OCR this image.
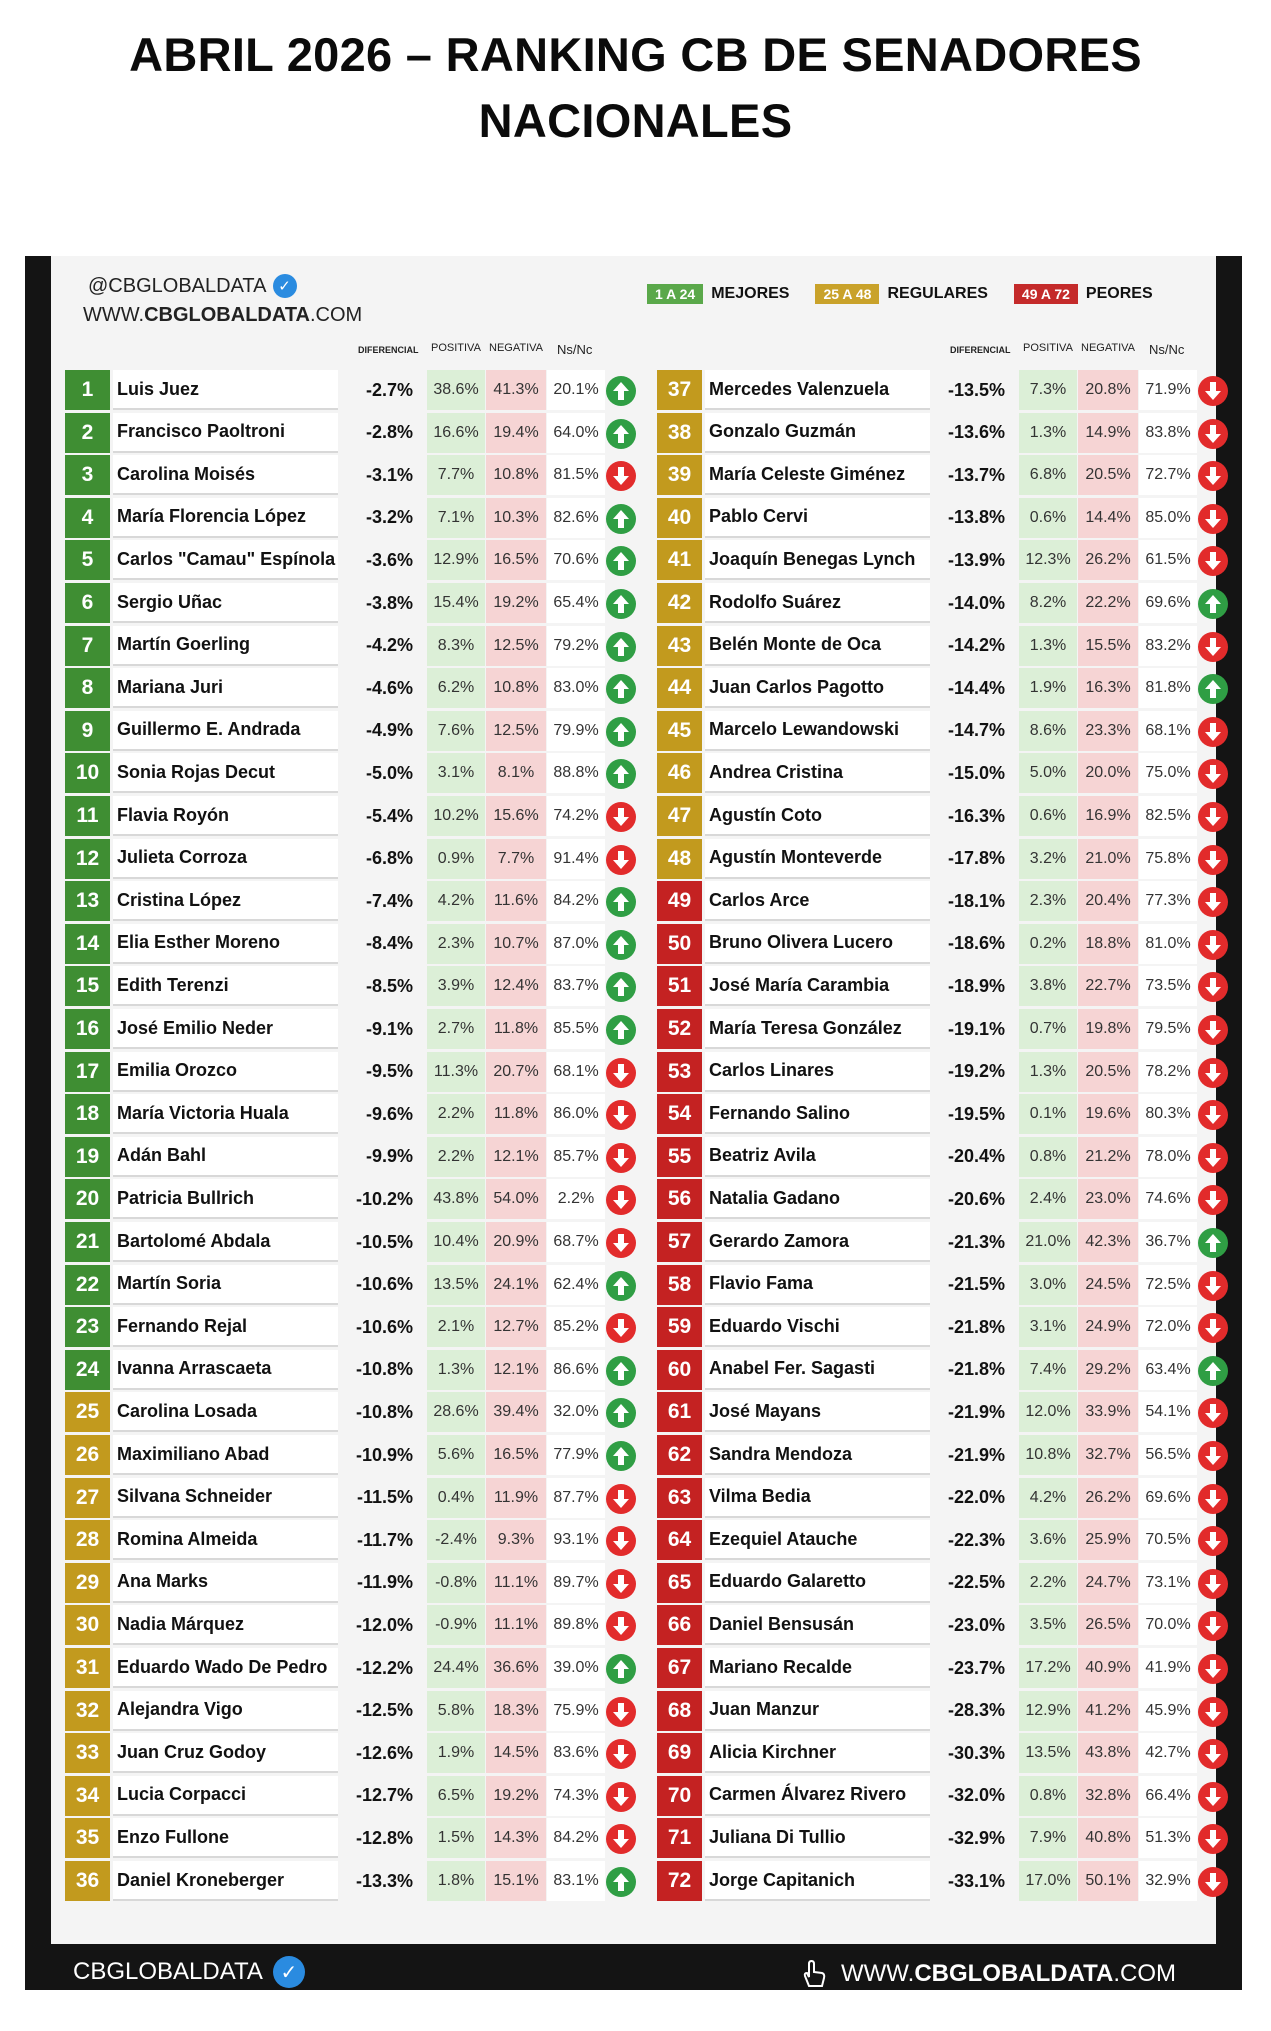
ABRIL 2026 – RANKING CB DE SENADORES
NACIONALES
@CBGLOBALDATA ✓
WWW.CBGLOBALDATA.COM
1 A 24	MEJORES	25 A 48	REGULARES	49 A 72	PEORES
DIFERENCIAL POSITIVA NEGATIVA Ns/Nc	DIFERENCIAL POSITIVA NEGATIVA Ns/Nc
1	Luis Juez	-2.7%	38.6% 41.3% 20.1%
2	Francisco Paoltroni	-2.8%	16.6% 19.4% 64.0%
3	Carolina Moisés	-3.1%	7.7%	10.8% 81.5%
4	María Florencia López	-3.2%	7.1%	10.3% 82.6%
5	Carlos "Camau" Espínola	-3.6%	12.9% 16.5% 70.6%
6	Sergio Uñac	-3.8%	15.4% 19.2% 65.4%
7	Martín Goerling	-4.2%	8.3%	12.5% 79.2%
8	Mariana Juri	-4.6%	6.2%	10.8% 83.0%
9	Guillermo E. Andrada	-4.9%	7.6%	12.5% 79.9%
10 Sonia Rojas Decut	-5.0%	3.1%	8.1%	88.8%
11	Flavia Royón	-5.4%	10.2% 15.6% 74.2%
12 Julieta Corroza	-6.8%	0.9%	7.7%	91.4%
13 Cristina López	-7.4%	4.2%	11.6% 84.2%
14 Elia Esther Moreno	-8.4%	2.3%	10.7% 87.0%
15 Edith Terenzi	-8.5%	3.9%	12.4% 83.7%
16 José Emilio Neder	-9.1%	2.7%	11.8% 85.5%
17 Emilia Orozco	-9.5%	11.3% 20.7% 68.1%
18 María Victoria Huala	-9.6%	2.2%	11.8% 86.0%
19 Adán Bahl	-9.9%	2.2%	12.1% 85.7%
20 Patricia Bullrich	-10.2%	43.8% 54.0%	2.2%
21 Bartolomé Abdala	-10.5%	10.4% 20.9% 68.7%
22 Martín Soria	-10.6%	13.5% 24.1% 62.4%
23 Fernando Rejal	-10.6%	2.1%	12.7% 85.2%
24 Ivanna Arrascaeta	-10.8%	1.3%	12.1% 86.6%
25 Carolina Losada	-10.8%	28.6% 39.4% 32.0%
26 Maximiliano Abad	-10.9%	5.6%	16.5% 77.9%
27 Silvana Schneider	-11.5%	0.4%	11.9% 87.7%
28 Romina Almeida	-11.7%	-2.4%	9.3%	93.1%
29 Ana Marks	-11.9%	-0.8%	11.1% 89.7%
30 Nadia Márquez	-12.0%	-0.9%	11.1% 89.8%
31 Eduardo Wado De Pedro	-12.2%	24.4% 36.6% 39.0%
32 Alejandra Vigo	-12.5%	5.8%	18.3% 75.9%
33 Juan Cruz Godoy	-12.6%	1.9%	14.5% 83.6%
34 Lucia Corpacci	-12.7%	6.5%	19.2% 74.3%
35 Enzo Fullone	-12.8%	1.5%	14.3% 84.2%
36 Daniel Kroneberger	-13.3%	1.8%	15.1% 83.1%
37 Mercedes Valenzuela	-13.5%	7.3%	20.8% 71.9%
38 Gonzalo Guzmán	-13.6%	1.3%	14.9% 83.8%
39 María Celeste Giménez	-13.7%	6.8%	20.5% 72.7%
40 Pablo Cervi	-13.8%	0.6%	14.4% 85.0%
41 Joaquín Benegas Lynch	-13.9%	12.3% 26.2% 61.5%
42 Rodolfo Suárez	-14.0%	8.2%	22.2% 69.6%
43 Belén Monte de Oca	-14.2%	1.3%	15.5% 83.2%
44 Juan Carlos Pagotto	-14.4%	1.9%	16.3% 81.8%
45 Marcelo Lewandowski	-14.7%	8.6%	23.3% 68.1%
46 Andrea Cristina	-15.0%	5.0%	20.0% 75.0%
47 Agustín Coto	-16.3%	0.6%	16.9% 82.5%
48 Agustín Monteverde	-17.8%	3.2%	21.0% 75.8%
49 Carlos Arce	-18.1%	2.3%	20.4% 77.3%
50 Bruno Olivera Lucero	-18.6%	0.2%	18.8% 81.0%
51 José María Carambia	-18.9%	3.8%	22.7% 73.5%
52 María Teresa González	-19.1%	0.7%	19.8% 79.5%
53 Carlos Linares	-19.2%	1.3%	20.5% 78.2%
54 Fernando Salino	-19.5%	0.1%	19.6% 80.3%
55 Beatriz Avila	-20.4%	0.8%	21.2% 78.0%
56 Natalia Gadano	-20.6%	2.4%	23.0% 74.6%
57 Gerardo Zamora	-21.3%	21.0% 42.3% 36.7%
58 Flavio Fama	-21.5%	3.0%	24.5% 72.5%
59 Eduardo Vischi	-21.8%	3.1%	24.9% 72.0%
60 Anabel Fer. Sagasti	-21.8%	7.4%	29.2% 63.4%
61 José Mayans	-21.9%	12.0% 33.9% 54.1%
62 Sandra Mendoza	-21.9%	10.8% 32.7% 56.5%
63 Vilma Bedia	-22.0%	4.2%	26.2% 69.6%
64 Ezequiel Atauche	-22.3%	3.6%	25.9% 70.5%
65 Eduardo Galaretto	-22.5%	2.2%	24.7% 73.1%
66 Daniel Bensusán	-23.0%	3.5%	26.5% 70.0%
67 Mariano Recalde	-23.7%	17.2% 40.9% 41.9%
68 Juan Manzur	-28.3%	12.9% 41.2% 45.9%
69 Alicia Kirchner	-30.3%	13.5% 43.8% 42.7%
70 Carmen Álvarez Rivero	-32.0%	0.8%	32.8% 66.4%
71 Juliana Di Tullio	-32.9%	7.9%	40.8% 51.3%
72 Jorge Capitanich	-33.1%	17.0% 50.1% 32.9%
CBGLOBALDATA ✓	WWW.CBGLOBALDATA.COM
